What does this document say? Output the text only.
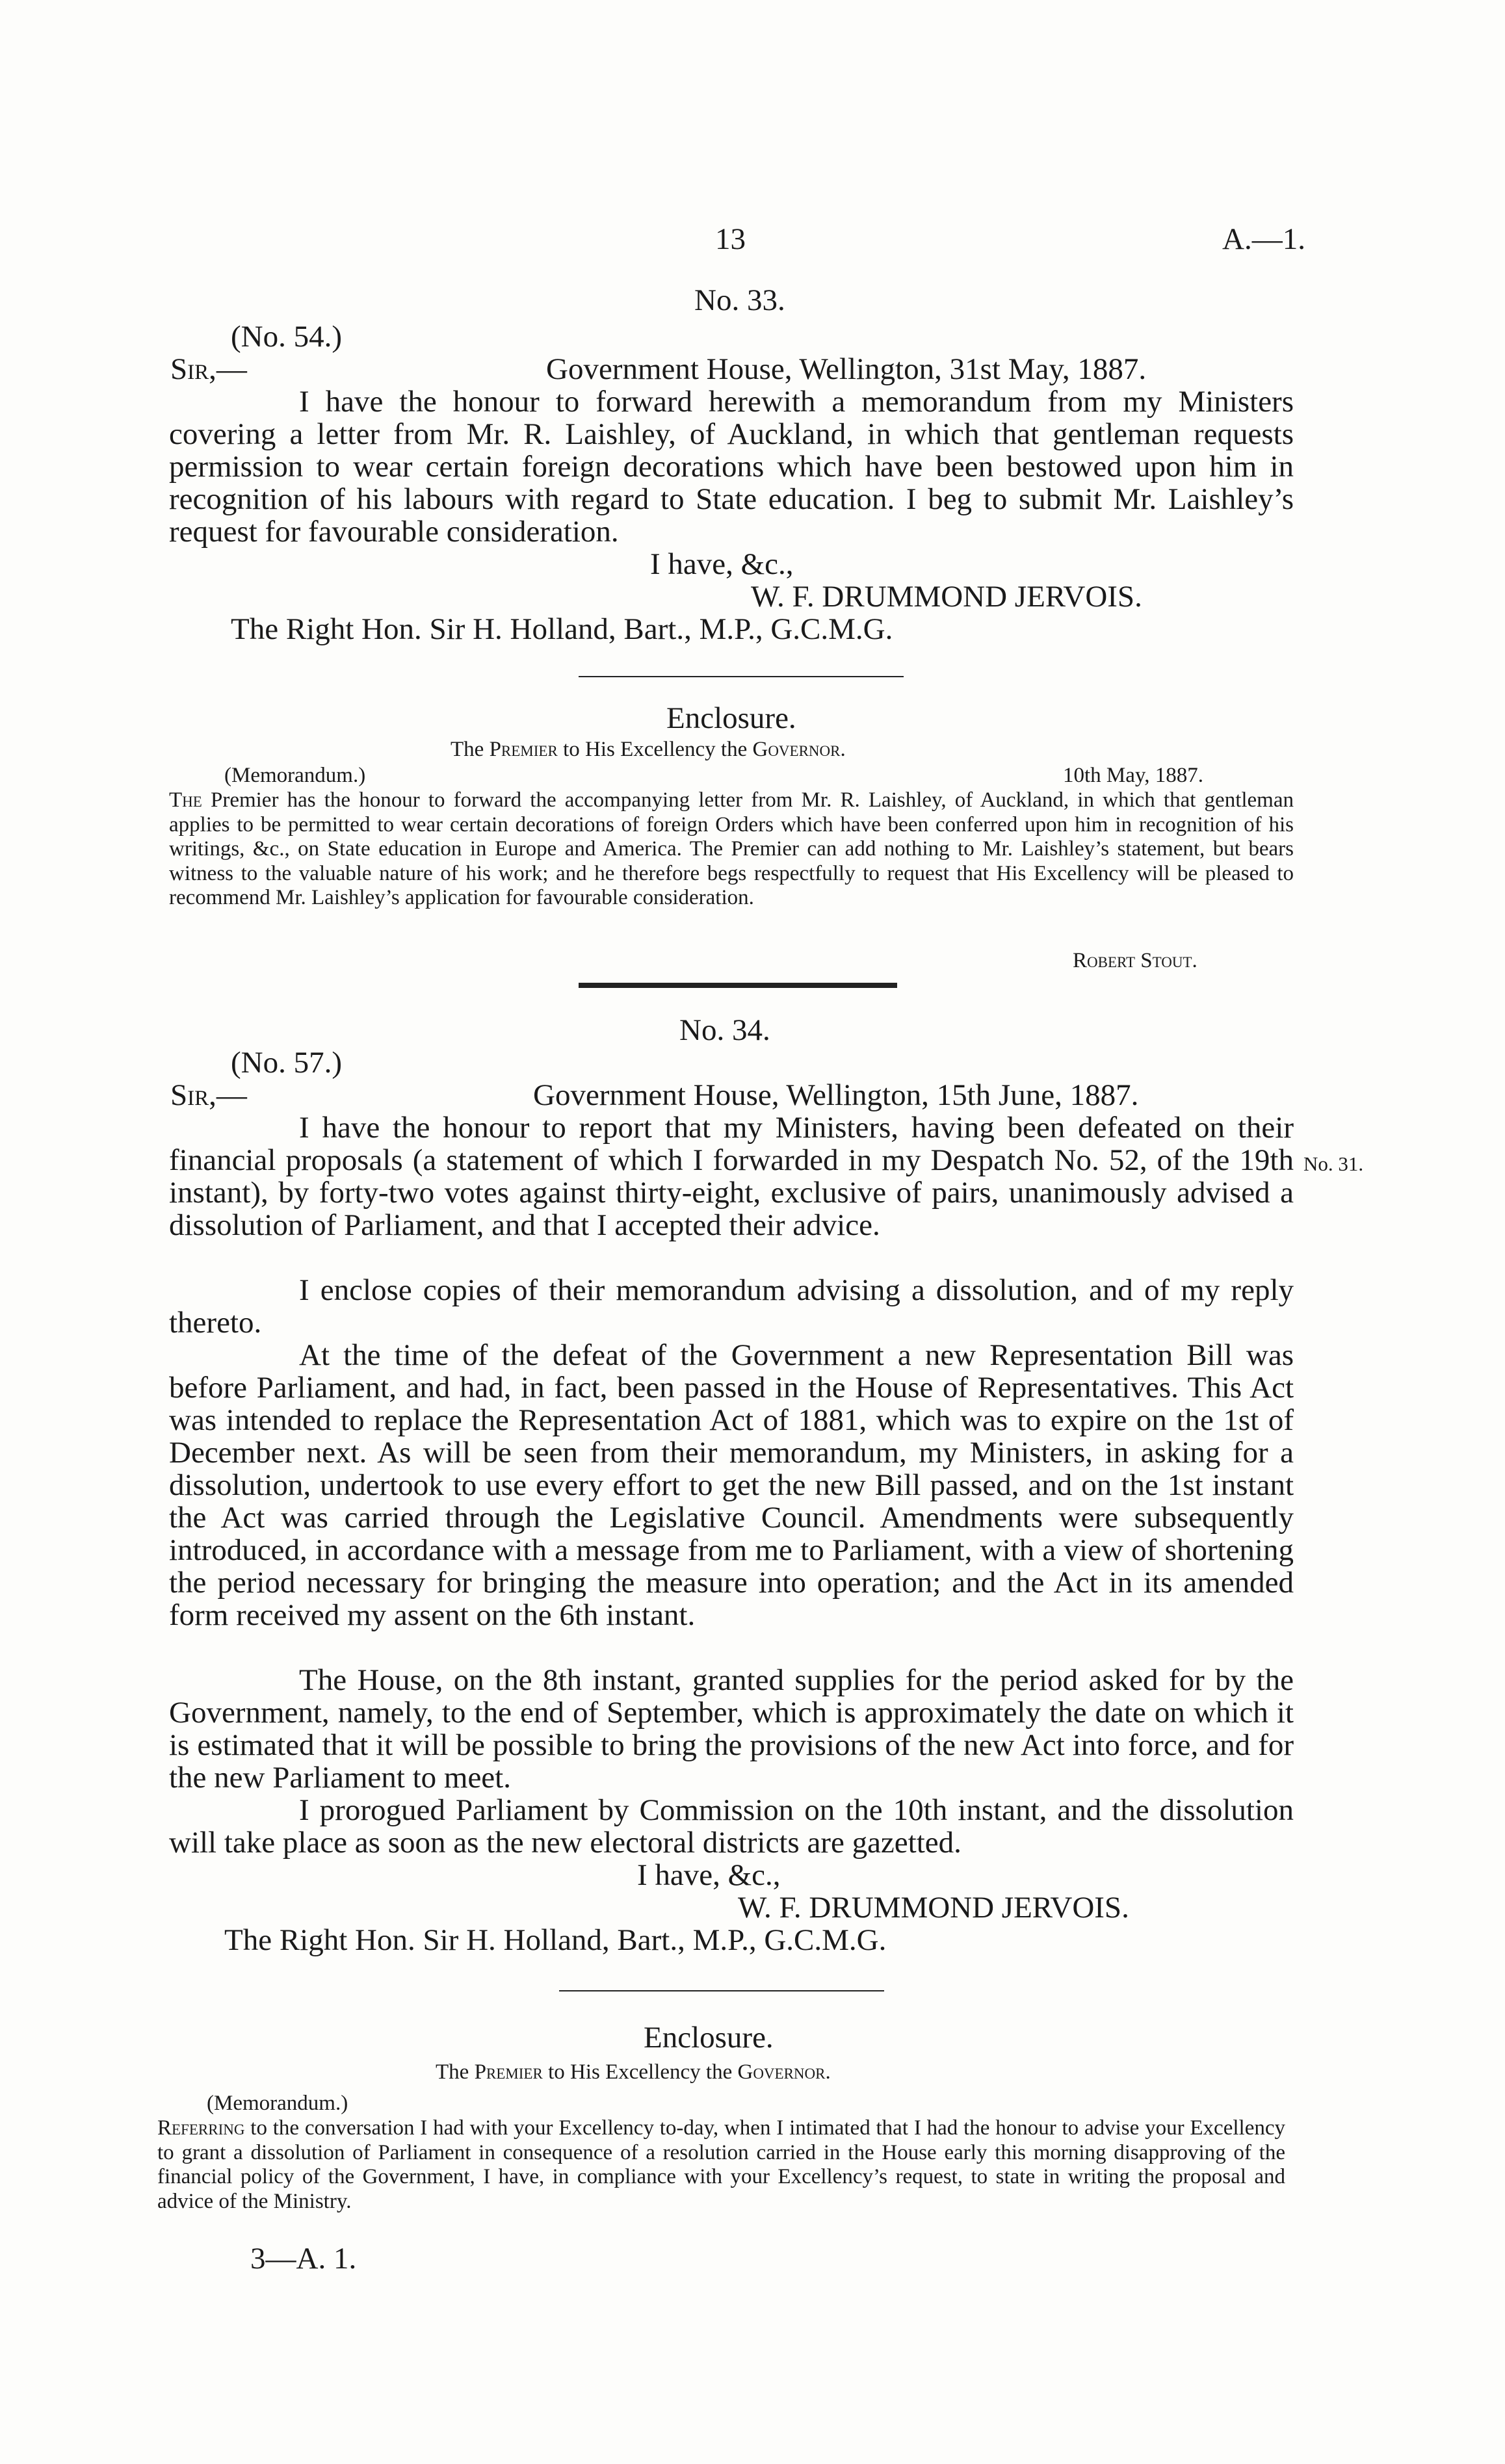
13	A.—1.
No. 33.
(No. 54.)
Sir,—	Government House, Wellington, 31st May, 1887.
I have the honour to forward herewith a memorandum from my Ministers covering a letter from Mr. R. Laishley, of Auckland, in which that gentleman requests permission to wear certain foreign decorations which have been bestowed upon him in recognition of his labours with regard to State education. I beg to submit Mr. Laishley’s request for favourable consideration.
I have, &c.,
W. F. DRUMMOND JERVOIS.
The Right Hon. Sir H. Holland, Bart., M.P., G.C.M.G.
Enclosure.
The Premier to His Excellency the Governor.
(Memorandum.)	10th May, 1887.
The Premier has the honour to forward the accompanying letter from Mr. R. Laishley, of Auckland, in which that gentleman applies to be permitted to wear certain decorations of foreign Orders which have been conferred upon him in recognition of his writings, &c., on State education in Europe and America. The Premier can add nothing to Mr. Laishley’s statement, but bears witness to the valuable nature of his work; and he therefore begs respectfully to request that His Excellency will be pleased to recommend Mr. Laishley’s application for favourable consideration.
Robert Stout.
No. 34.
(No. 57.)
Sir,—	Government House, Wellington, 15th June, 1887.
I have the honour to report that my Ministers, having been defeated on their financial proposals (a statement of which I forwarded in my Despatch No. 52, of the 19th instant), by forty-two votes against thirty-eight, exclusive of pairs, unanimously advised a dissolution of Parliament, and that I accepted their advice.
No. 31.
I enclose copies of their memorandum advising a dissolution, and of my reply thereto.
At the time of the defeat of the Government a new Representation Bill was before Parliament, and had, in fact, been passed in the House of Representatives. This Act was intended to replace the Representation Act of 1881, which was to expire on the 1st of December next. As will be seen from their memorandum, my Ministers, in asking for a dissolution, undertook to use every effort to get the new Bill passed, and on the 1st instant the Act was carried through the Legislative Council. Amendments were subsequently introduced, in accordance with a message from me to Parliament, with a view of shortening the period necessary for bringing the measure into operation; and the Act in its amended form received my assent on the 6th instant.
The House, on the 8th instant, granted supplies for the period asked for by the Government, namely, to the end of September, which is approximately the date on which it is estimated that it will be possible to bring the provisions of the new Act into force, and for the new Parliament to meet.
I prorogued Parliament by Commission on the 10th instant, and the dissolution will take place as soon as the new electoral districts are gazetted.
I have, &c.,
W. F. DRUMMOND JERVOIS.
The Right Hon. Sir H. Holland, Bart., M.P., G.C.M.G.
Enclosure.
The Premier to His Excellency the Governor.
(Memorandum.)
Referring to the conversation I had with your Excellency to-day, when I intimated that I had the honour to advise your Excellency to grant a dissolution of Parliament in consequence of a resolution carried in the House early this morning disapproving of the financial policy of the Government, I have, in compliance with your Excellency’s request, to state in writing the proposal and advice of the Ministry.
3—A. 1.
